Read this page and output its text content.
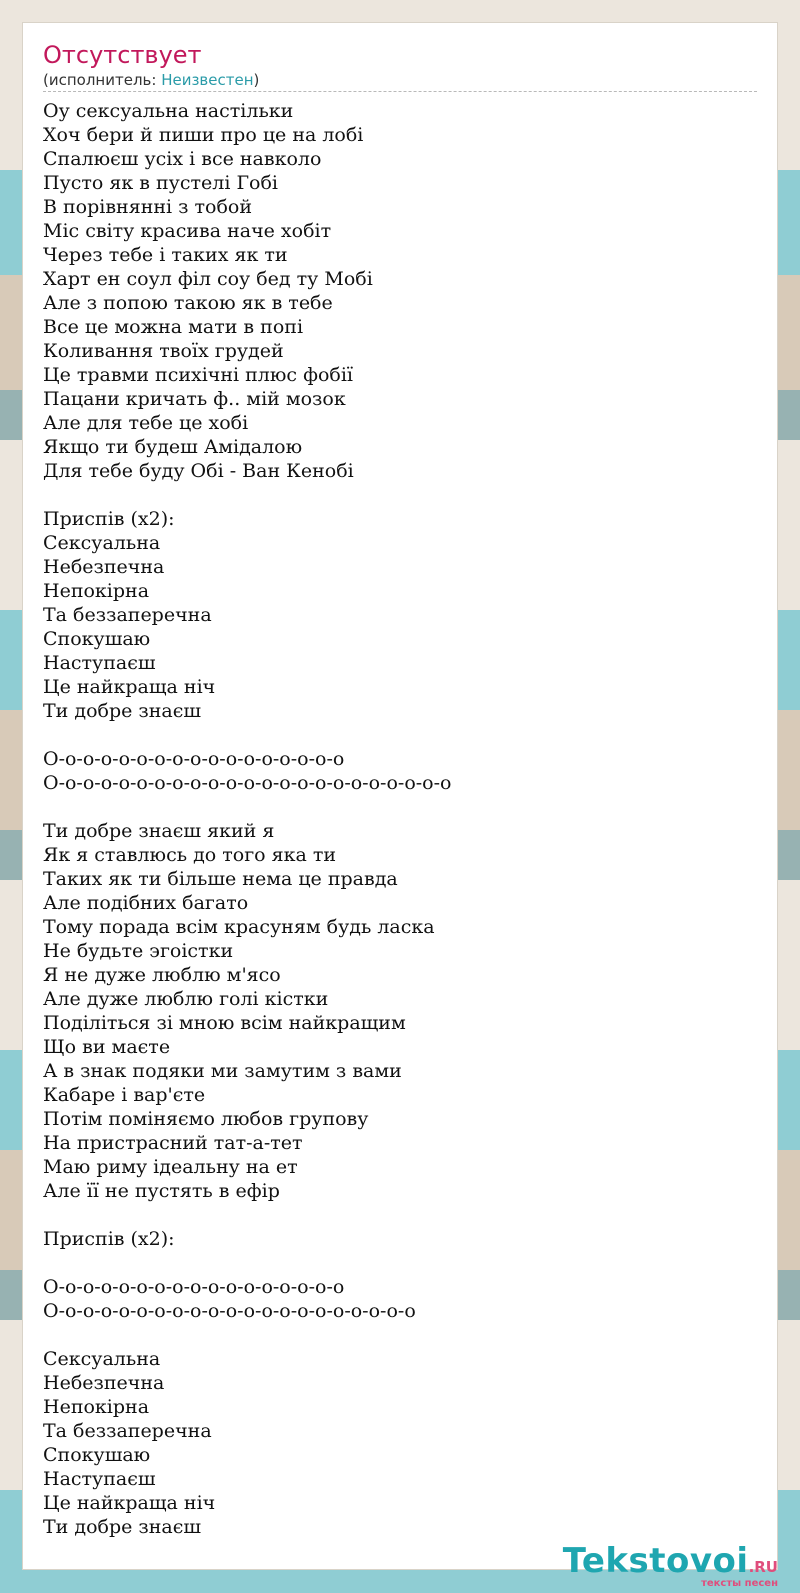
Отсутствует
(исполнитель: Неизвестен)
Оу сексуальна настільки
Хоч бери й пиши про це на лобі
Спалюєш усіх і все навколо
Пусто як в пустелі Гобі
В порівнянні з тобой
Міс світу красива наче хобіт
Через тебе і таких як ти
Харт ен соул філ соу бед ту Мобі
Але з попою такою як в тебе
Все це можна мати в попі
Коливання твоїх грудей
Це травми психічні плюс фобії
Пацани кричать ф.. мій мозок
Але для тебе це хобі
Якщо ти будеш Амідалою
Для тебе буду Обі - Ван Кенобі
Приспів (х2):
Сексуальна
Небезпечна
Непокірна
Та беззаперечна
Спокушаю
Наступаєш
Це найкраща ніч
Ти добре знаєш
О-о-о-о-о-о-о-о-о-о-о-о-о-о-о-о-о
О-о-о-о-о-о-о-о-о-о-о-о-о-о-о-о-о-о-о-о-о-о-о
Ти добре знаєш який я
Як я ставлюсь до того яка ти
Таких як ти більше нема це правда
Але подібних багато
Тому порада всім красуням будь ласка
Не будьте эгоістки
Я не дуже люблю м'ясо
Але дуже люблю голі кістки
Поділіться зі мною всім найкращим
Що ви маєте
А в знак подяки ми замутим з вами
Кабаре і вар'єте
Потім поміняємо любов групову
На пристрасний тат-а-тет
Маю риму ідеальну на ет
Але її не пустять в ефір
Приспів (х2):
О-о-о-о-о-о-о-о-о-о-о-о-о-о-о-о-о
О-о-о-о-о-о-о-о-о-о-о-о-о-о-о-о-о-о-о-о-о
Сексуальна
Небезпечна
Непокірна
Та беззаперечна
Спокушаю
Наступаєш
Це найкраща ніч
Ти добре знаєш
Tekstovoi.RU
тексты песен
